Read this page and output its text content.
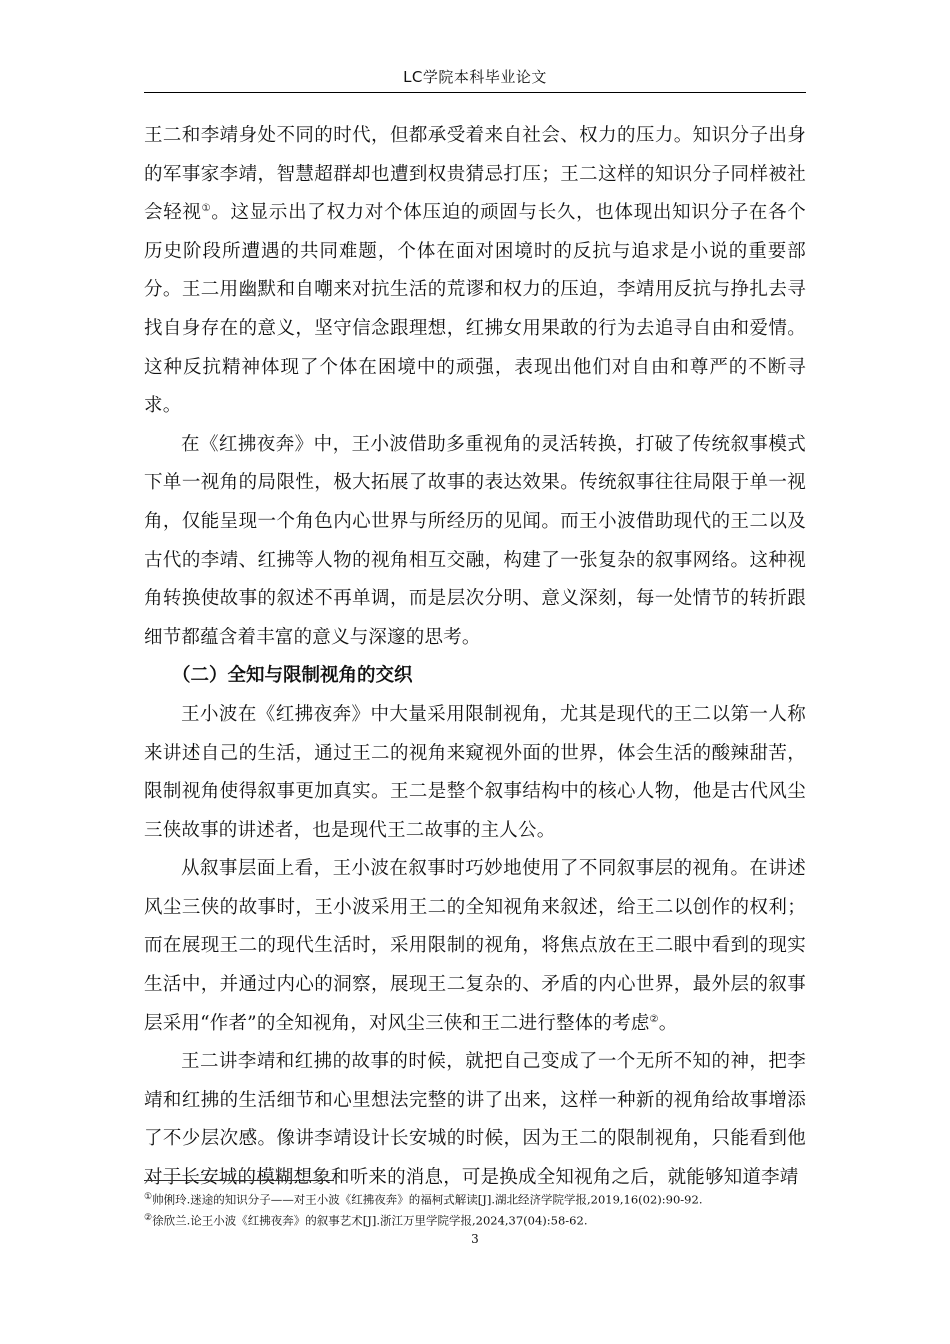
LC学院本科毕业论文

王二和李靖身处不同的时代，但都承受着来自社会、权力的压力。知识分子出身的军事家李靖，智慧超群却也遭到权贵猜忌打压；王二这样的知识分子同样被社会轻视①。这显示出了权力对个体压迫的顽固与长久，也体现出知识分子在各个历史阶段所遭遇的共同难题，个体在面对困境时的反抗与追求是小说的重要部分。王二用幽默和自嘲来对抗生活的荒谬和权力的压迫，李靖用反抗与挣扎去寻找自身存在的意义，坚守信念跟理想，红拂女用果敢的行为去追寻自由和爱情。这种反抗精神体现了个体在困境中的顽强，表现出他们对自由和尊严的不断寻求。

在《红拂夜奔》中，王小波借助多重视角的灵活转换，打破了传统叙事模式下单一视角的局限性，极大拓展了故事的表达效果。传统叙事往往局限于单一视角，仅能呈现一个角色内心世界与所经历的见闻。而王小波借助现代的王二以及古代的李靖、红拂等人物的视角相互交融，构建了一张复杂的叙事网络。这种视角转换使故事的叙述不再单调，而是层次分明、意义深刻，每一处情节的转折跟细节都蕴含着丰富的意义与深邃的思考。

（二）全知与限制视角的交织

王小波在《红拂夜奔》中大量采用限制视角，尤其是现代的王二以第一人称来讲述自己的生活，通过王二的视角来窥视外面的世界，体会生活的酸辣甜苦，限制视角使得叙事更加真实。王二是整个叙事结构中的核心人物，他是古代风尘三侠故事的讲述者，也是现代王二故事的主人公。

从叙事层面上看，王小波在叙事时巧妙地使用了不同叙事层的视角。在讲述风尘三侠的故事时，王小波采用王二的全知视角来叙述，给王二以创作的权利；而在展现王二的现代生活时，采用限制的视角，将焦点放在王二眼中看到的现实生活中，并通过内心的洞察，展现王二复杂的、矛盾的内心世界，最外层的叙事层采用“作者”的全知视角，对风尘三侠和王二进行整体的考虑②。

王二讲李靖和红拂的故事的时候，就把自己变成了一个无所不知的神，把李靖和红拂的生活细节和心里想法完整的讲了出来，这样一种新的视角给故事增添了不少层次感。像讲李靖设计长安城的时候，因为王二的限制视角，只能看到他对于长安城的模糊想象和听来的消息，可是换成全知视角之后，就能够知道李靖

①帅俐玲.迷途的知识分子——对王小波《红拂夜奔》的福柯式解读[J].湖北经济学院学报,2019,16(02):90-92.
②徐欣兰.论王小波《红拂夜奔》的叙事艺术[J].浙江万里学院学报,2024,37(04):58-62.
3
